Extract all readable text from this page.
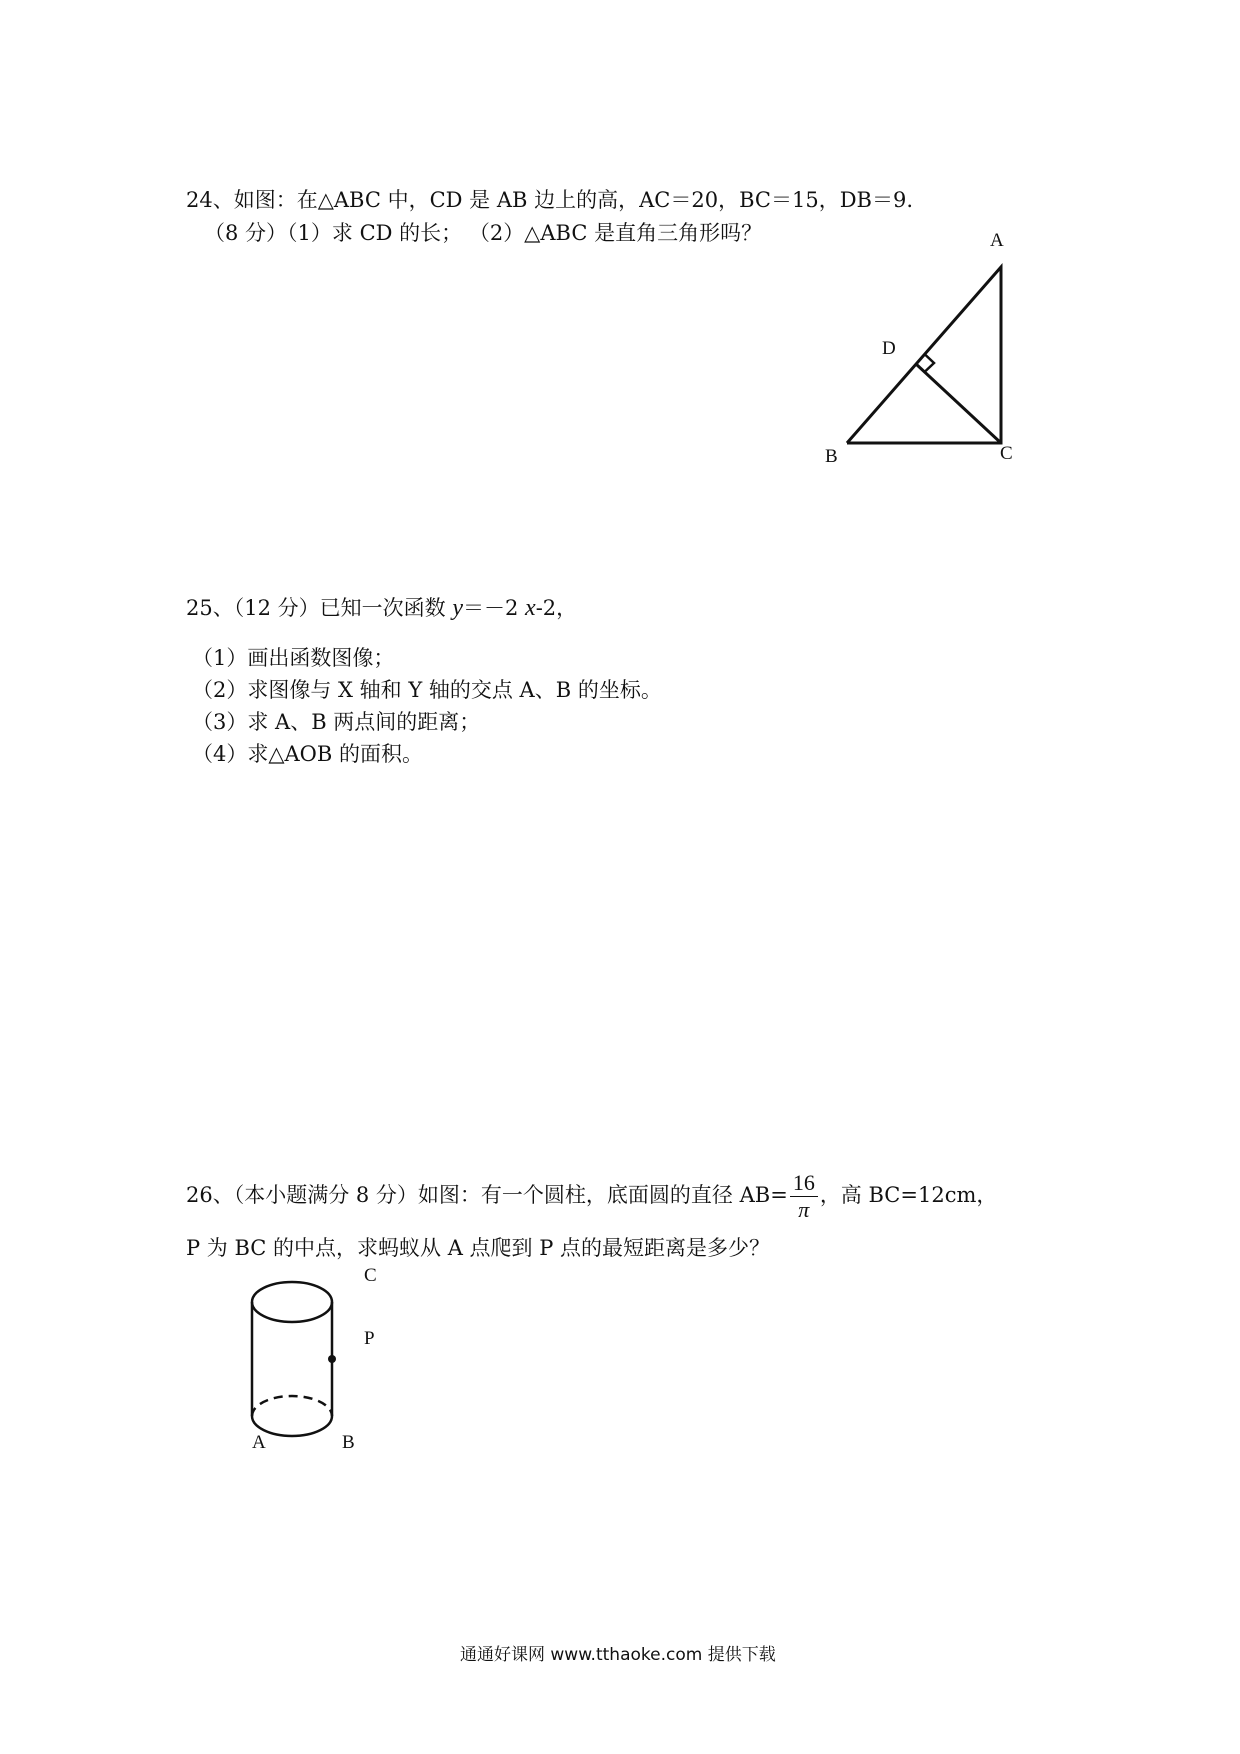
24、如图：在△ABC 中，CD 是 AB 边上的高，AC＝20，BC＝15，DB＝9.
（8 分）（1）求 CD 的长； （2）△ABC 是直角三角形吗？	A
D
B	C
25、（12 分）已知一次函数 y＝－2 x-2，
（1）画出函数图像；
（2）求图像与 X 轴和 Y 轴的交点 A、B 的坐标。
（3）求 A、B 两点间的距离；
（4）求△AOB 的面积。
26、（本小题满分 8 分）如图：有一个圆柱，底面圆的直径 $AB= \frac{16}{\pi}$ ，高 BC=12cm，
P 为 BC 的中点，求蚂蚁从 A 点爬到 P 点的最短距离是多少？
C
P
A	B
通通好课网 www.tthaoke.com 提供下载
